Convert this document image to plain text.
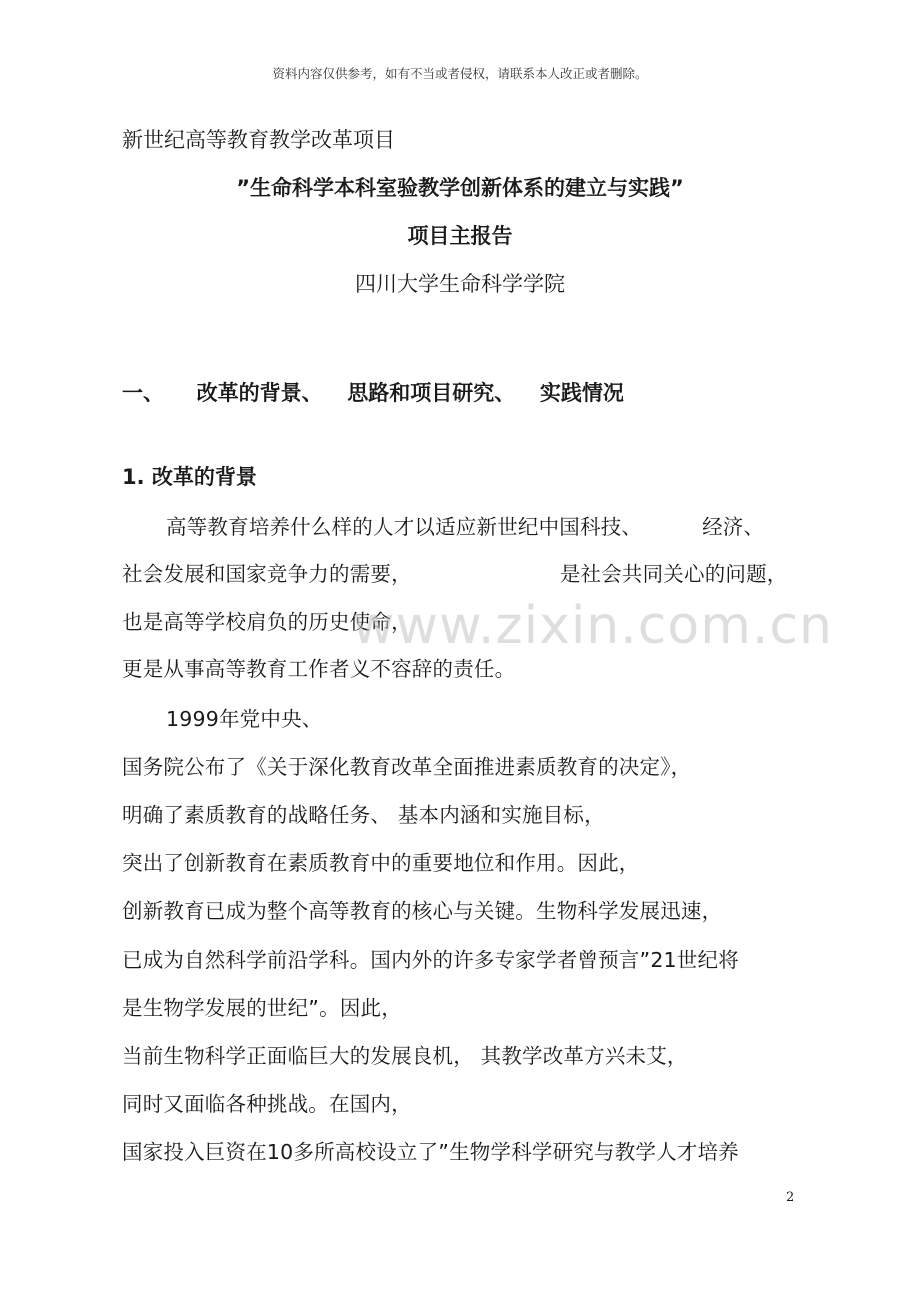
资料内容仅供参考，如有不当或者侵权，请联系本人改正或者删除。
新世纪高等教育教学改革项目
”生命科学本科室验教学创新体系的建立与实践”
项目主报告
四川大学生命科学学院
一、 改革的背景、 思路和项目研究、 实践情况
1. 改革的背景
高等教育培养什么样的人才以适应新世纪中国科技、	经济、
社会发展和国家竞争力的需要，	是社会共同关心的问题，
也是高等学校肩负的历史使命，
更是从事高等教育工作者义不容辞的责任。
1999年党中央、
国务院公布了《关于深化教育改革全面推进素质教育的决定》，
明确了素质教育的战略任务、 基本内涵和实施目标，
突出了创新教育在素质教育中的重要地位和作用。因此，
创新教育已成为整个高等教育的核心与关键。生物科学发展迅速，
已成为自然科学前沿学科。国内外的许多专家学者曾预言”21世纪将
是生物学发展的世纪”。因此，
当前生物科学正面临巨大的发展良机， 其教学改革方兴未艾，
同时又面临各种挑战。在国内，
国家投入巨资在10多所高校设立了”生物学科学研究与教学人才培养
www.zixin.com.cn
2
